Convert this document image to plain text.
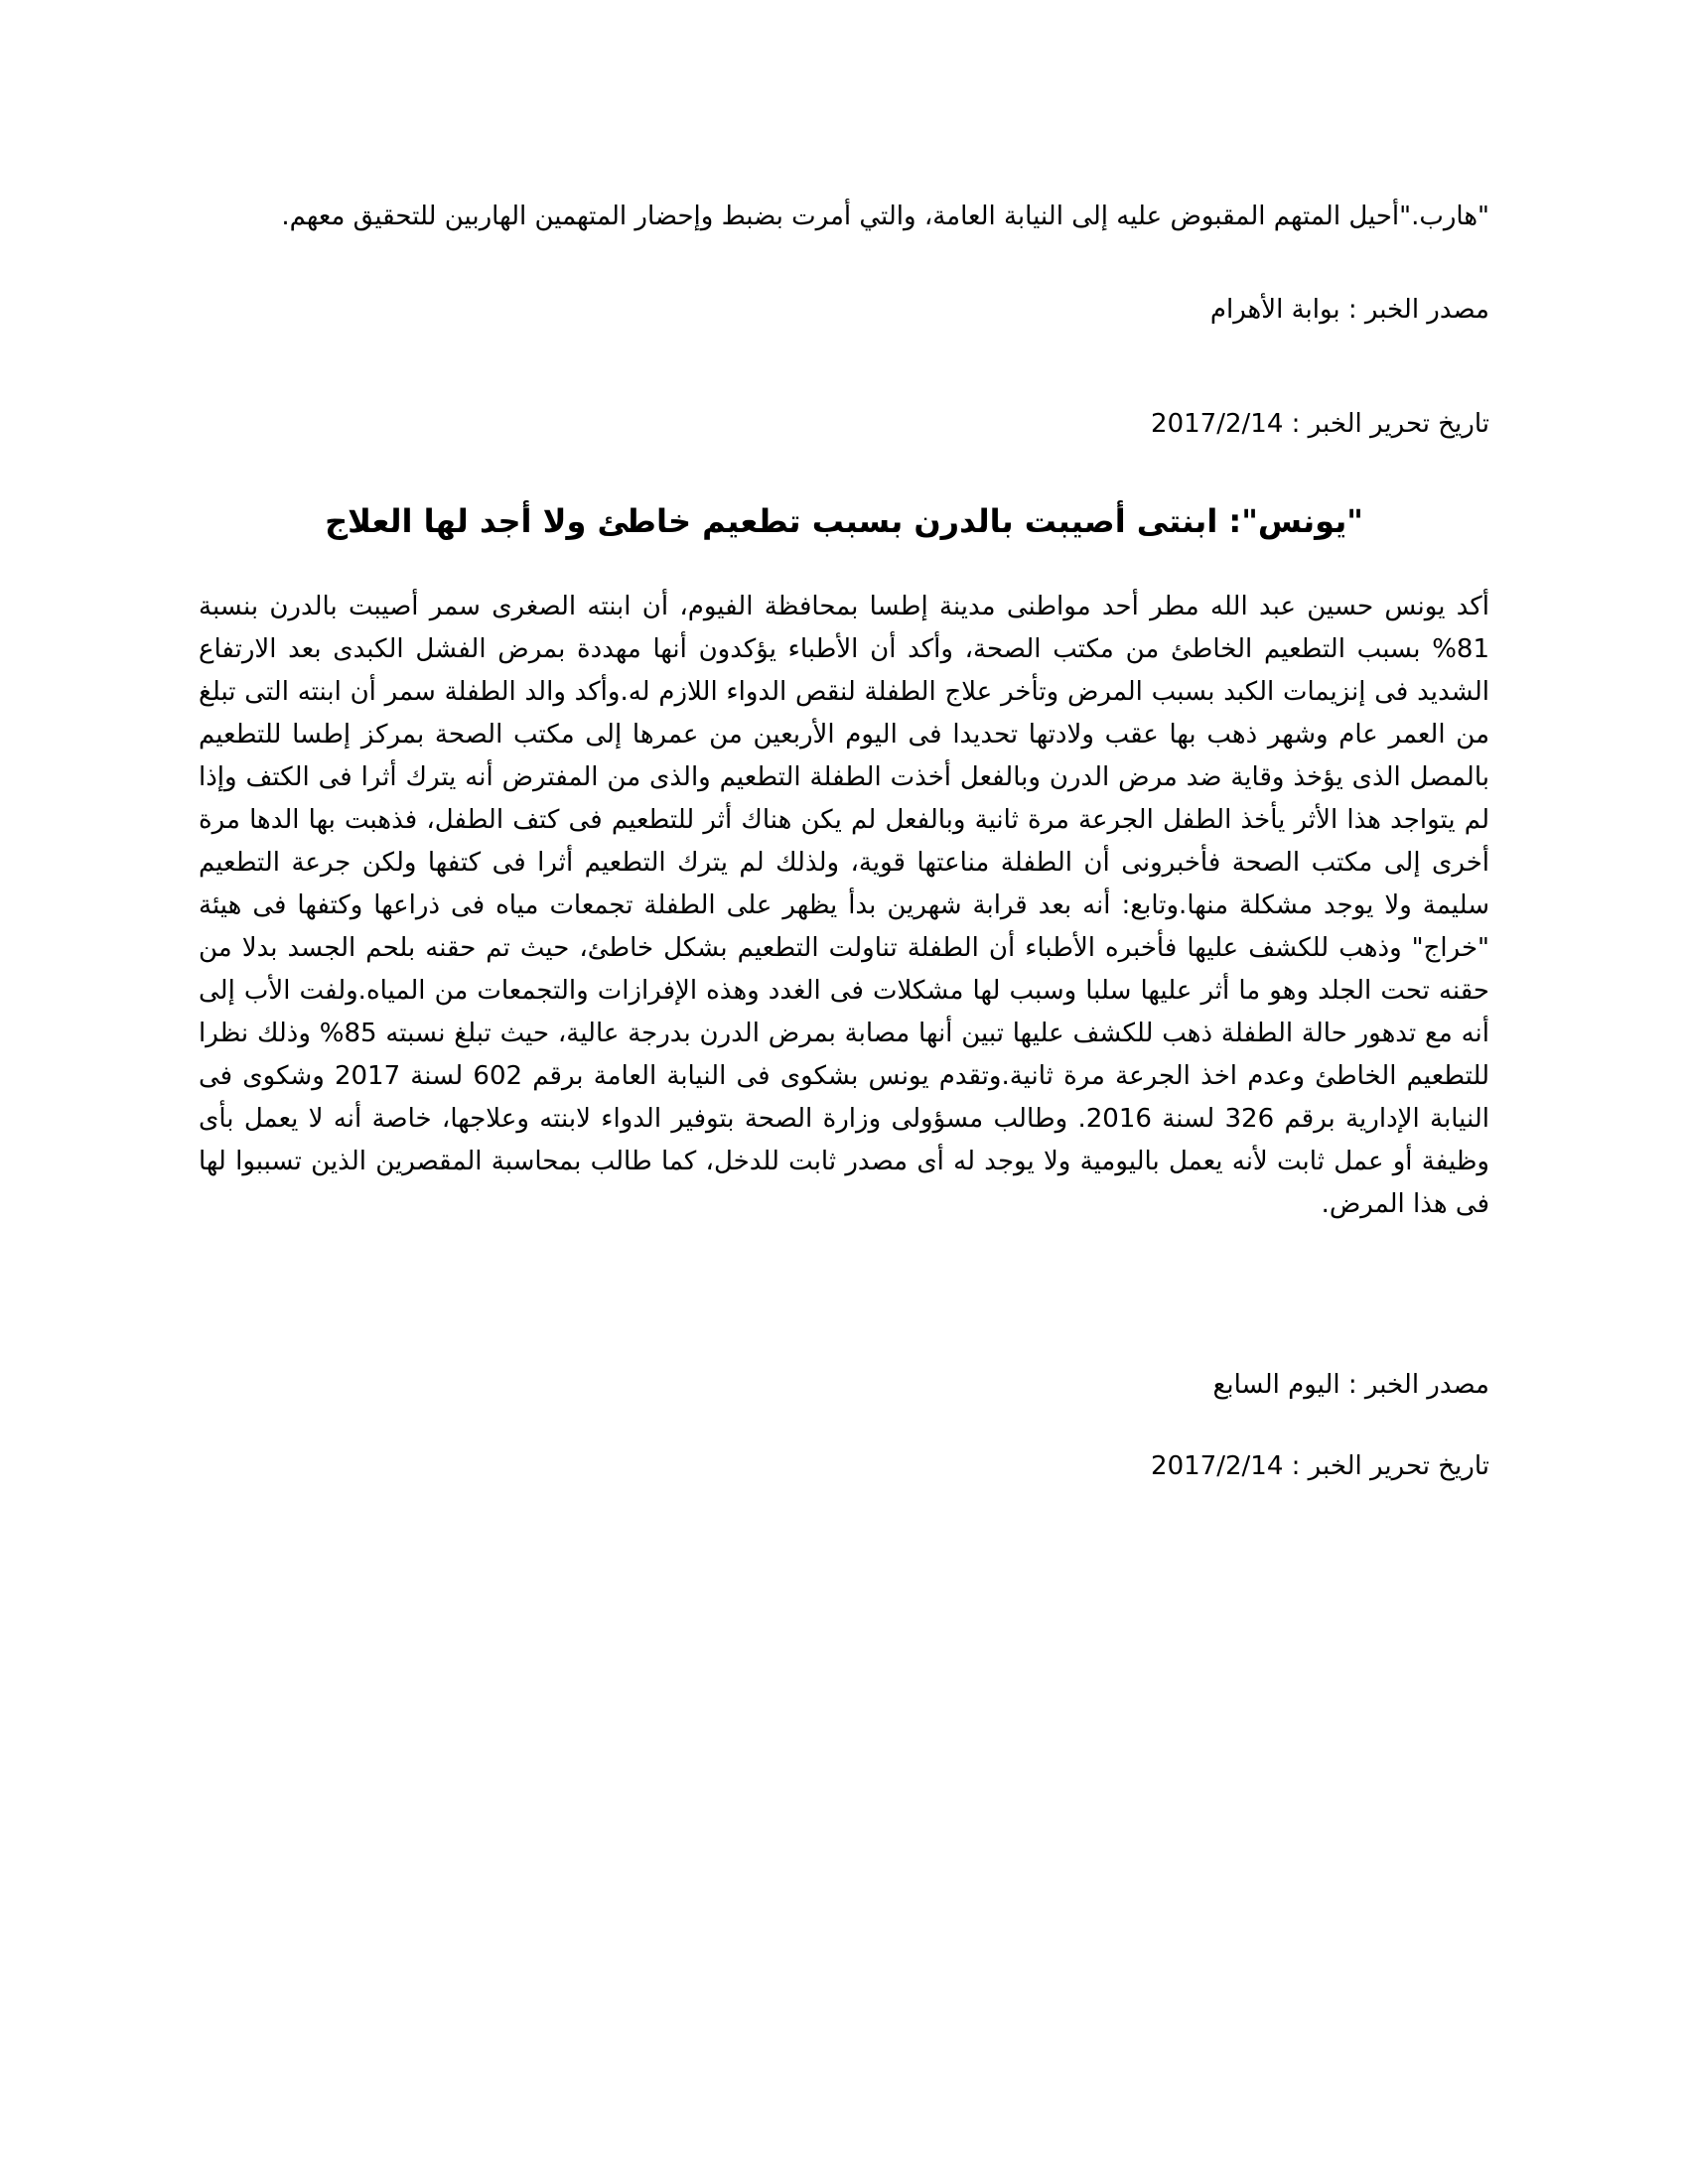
"هارب."أحيل المتهم المقبوض عليه إلى النيابة العامة، والتي أمرت بضبط وإحضار المتهمين الهاربين للتحقيق معهم.
مصدر الخبر : بوابة الأهرام
تاريخ تحرير الخبر : 2017/2/14
"يونس": ابنتى أصيبت بالدرن بسبب تطعيم خاطئ ولا أجد لها العلاج
أكد يونس حسين عبد الله مطر أحد مواطنى مدينة إطسا بمحافظة الفيوم، أن ابنته الصغرى سمر أصيبت بالدرن بنسبة 81% بسبب التطعيم الخاطئ من مكتب الصحة، وأكد أن الأطباء يؤكدون أنها مهددة بمرض الفشل الكبدى بعد الارتفاع الشديد فى إنزيمات الكبد بسبب المرض وتأخر علاج الطفلة لنقص الدواء اللازم له.وأكد والد الطفلة سمر أن ابنته التى تبلغ من العمر عام وشهر ذهب بها عقب ولادتها تحديدا فى اليوم الأربعين من عمرها إلى مكتب الصحة بمركز إطسا للتطعيم بالمصل الذى يؤخذ وقاية ضد مرض الدرن وبالفعل أخذت الطفلة التطعيم والذى من المفترض أنه يترك أثرا فى الكتف وإذا لم يتواجد هذا الأثر يأخذ الطفل الجرعة مرة ثانية وبالفعل لم يكن هناك أثر للتطعيم فى كتف الطفل، فذهبت بها الدها مرة أخرى إلى مكتب الصحة فأخبرونى أن الطفلة مناعتها قوية، ولذلك لم يترك التطعيم أثرا فى كتفها ولكن جرعة التطعيم سليمة ولا يوجد مشكلة منها.وتابع: أنه بعد قرابة شهرين بدأ يظهر على الطفلة تجمعات مياه فى ذراعها وكتفها فى هيئة "خراج" وذهب للكشف عليها فأخبره الأطباء أن الطفلة تناولت التطعيم بشكل خاطئ، حيث تم حقنه بلحم الجسد بدلا من حقنه تحت الجلد وهو ما أثر عليها سلبا وسبب لها مشكلات فى الغدد وهذه الإفرازات والتجمعات من المياه.ولفت الأب إلى أنه مع تدهور حالة الطفلة ذهب للكشف عليها تبين أنها مصابة بمرض الدرن بدرجة عالية، حيث تبلغ نسبته 85% وذلك نظرا للتطعيم الخاطئ وعدم اخذ الجرعة مرة ثانية.وتقدم يونس بشكوى فى النيابة العامة برقم 602 لسنة 2017 وشكوى فى النيابة الإدارية برقم 326 لسنة 2016. وطالب مسؤولى وزارة الصحة بتوفير الدواء لابنته وعلاجها، خاصة أنه لا يعمل بأى وظيفة أو عمل ثابت لأنه يعمل باليومية ولا يوجد له أى مصدر ثابت للدخل، كما طالب بمحاسبة المقصرين الذين تسببوا لها فى هذا المرض.
مصدر الخبر : اليوم السابع
تاريخ تحرير الخبر : 2017/2/14
